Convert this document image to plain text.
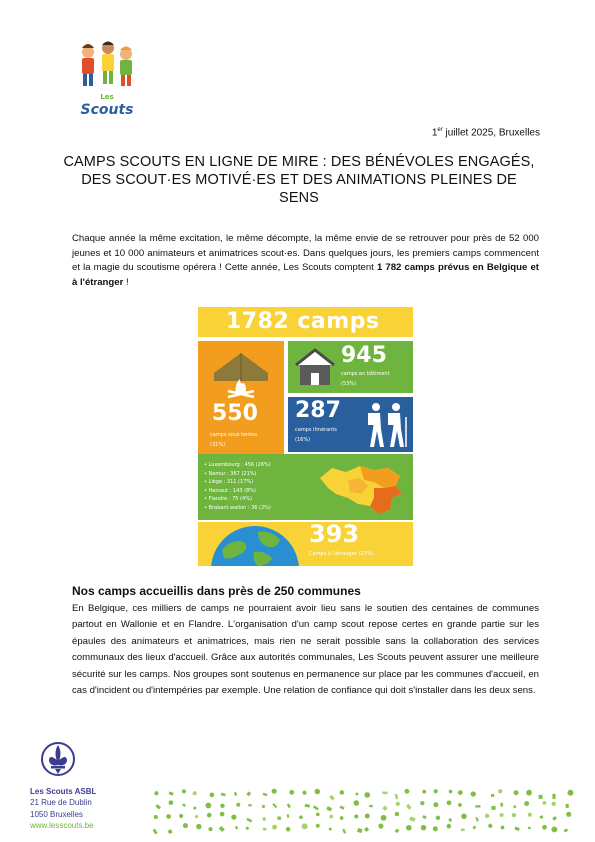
Les
Scouts
1er juillet 2025, Bruxelles
CAMPS SCOUTS EN LIGNE DE MIRE : DES BÉNÉVOLES ENGAGÉS, DES SCOUT·ES MOTIVÉ·ES ET DES ANIMATIONS PLEINES DE SENS
Chaque année la même excitation, le même décompte, la même envie de se retrouver pour près de 52 000 jeunes et 10 000 animateurs et animatrices scout·es. Dans quelques jours, les premiers camps commencent et la magie du scoutisme opérera ! Cette année, Les Scouts comptent 1 782 camps prévus en Belgique et à l'étranger !
1782 camps
550
camps sous tentes
(31%)
945
camps en bâtiment
(53%)
287
camps itinérants
(16%)
• Luxembourg : 456 (26%)
• Namur : 367 (21%)
• Liège : 311 (17%)
• Hainaut : 143 (8%)
• Flandre : 75 (4%)
• Brabant wallon : 36 (2%)
393
Camps à l'étranger (22%)
Nos camps accueillis dans près de 250 communes
En Belgique, ces milliers de camps ne pourraient avoir lieu sans le soutien des centaines de communes partout en Wallonie et en Flandre. L'organisation d'un camp scout repose certes en grande partie sur les épaules des animateurs et animatrices, mais rien ne serait possible sans la collaboration des services communaux des lieux d'accueil. Grâce aux autorités communales, Les Scouts peuvent assurer une meilleure sécurité sur les camps. Nos groupes sont soutenus en permanence sur place par les communes d'accueil, en cas d'incident ou d'intempéries par exemple. Une relation de confiance qui doit s'installer dans les deux sens.
Les Scouts ASBL
21 Rue de Dublin
1050 Bruxelles
www.lesscouts.be
